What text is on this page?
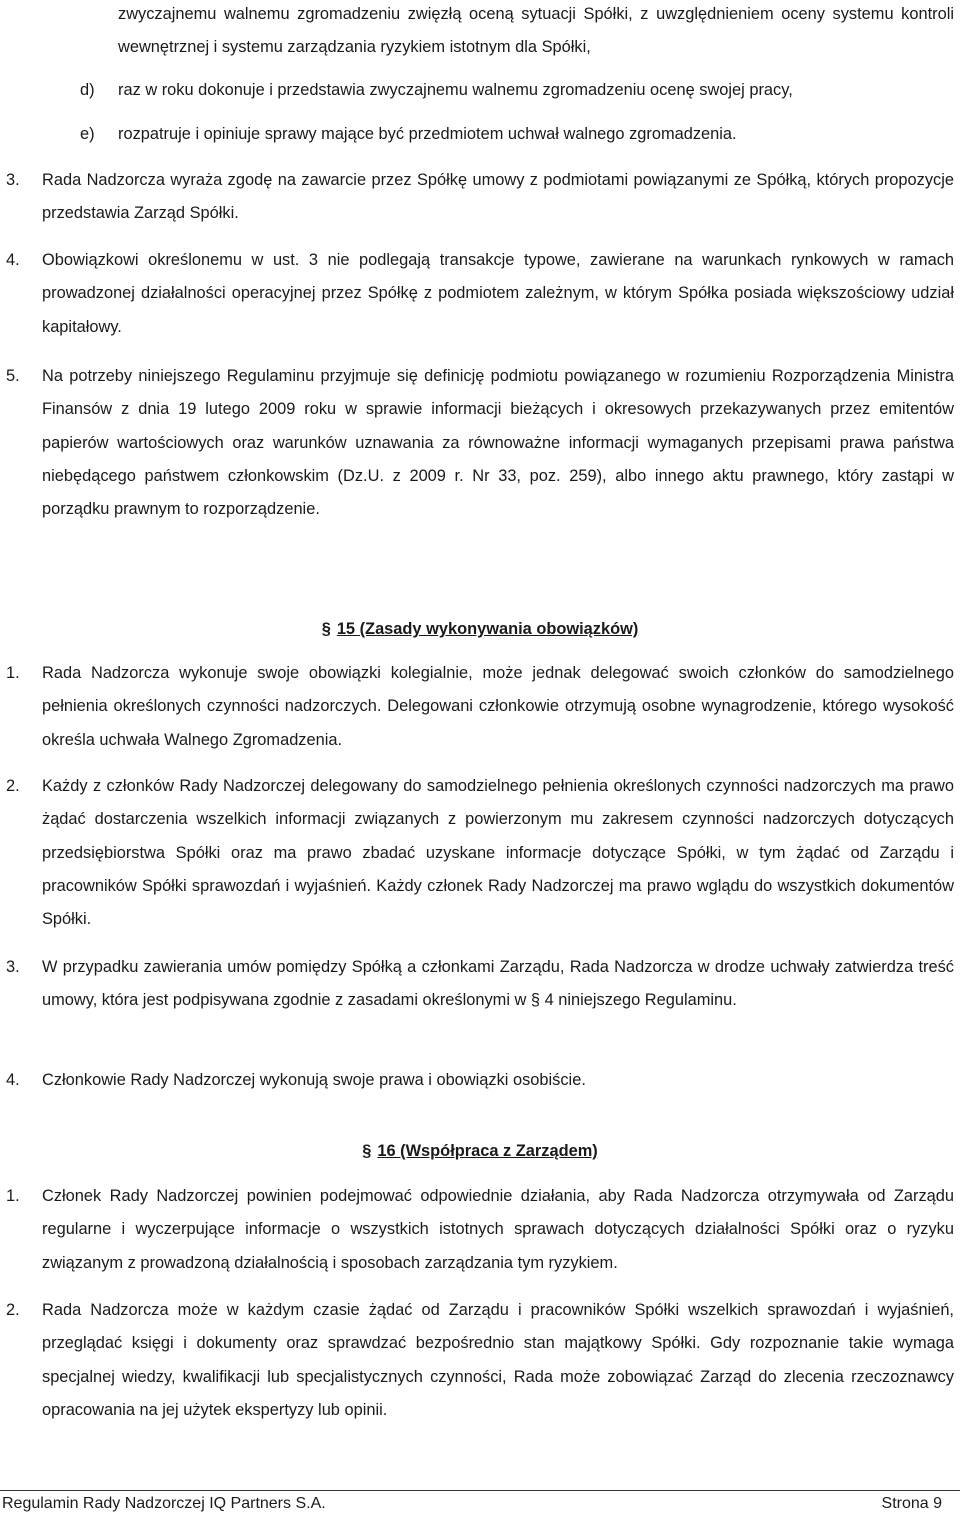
zwyczajnemu walnemu zgromadzeniu zwięzłą oceną sytuacji Spółki, z uwzględnieniem oceny systemu kontroli wewnętrznej i systemu zarządzania ryzykiem istotnym dla Spółki,
d)	raz w roku dokonuje i przedstawia zwyczajnemu walnemu zgromadzeniu ocenę swojej pracy,
e)	rozpatruje i opiniuje sprawy mające być przedmiotem uchwał walnego zgromadzenia.
3.	Rada Nadzorcza wyraża zgodę na zawarcie przez Spółkę umowy z podmiotami powiązanymi ze Spółką, których propozycje przedstawia Zarząd Spółki.
4.	Obowiązkowi określonemu w ust. 3 nie podlegają transakcje typowe, zawierane na warunkach rynkowych w ramach prowadzonej działalności operacyjnej przez Spółkę z podmiotem zależnym, w którym Spółka posiada większościowy udział kapitałowy.
5.	Na potrzeby niniejszego Regulaminu przyjmuje się definicję podmiotu powiązanego w rozumieniu Rozporządzenia Ministra Finansów z dnia 19 lutego 2009 roku w sprawie informacji bieżących i okresowych przekazywanych przez emitentów papierów wartościowych oraz warunków uznawania za równoważne informacji wymaganych przepisami prawa państwa niebędącego państwem członkowskim (Dz.U. z 2009 r. Nr 33, poz. 259), albo innego aktu prawnego, który zastąpi w porządku prawnym to rozporządzenie.
§ 15 (Zasady wykonywania obowiązków)
1.	Rada Nadzorcza wykonuje swoje obowiązki kolegialnie, może jednak delegować swoich członków do samodzielnego pełnienia określonych czynności nadzorczych. Delegowani członkowie otrzymują osobne wynagrodzenie, którego wysokość określa uchwała Walnego Zgromadzenia.
2.	Każdy z członków Rady Nadzorczej delegowany do samodzielnego pełnienia określonych czynności nadzorczych ma prawo żądać dostarczenia wszelkich informacji związanych z powierzonym mu zakresem czynności nadzorczych dotyczących przedsiębiorstwa Spółki oraz ma prawo zbadać uzyskane informacje dotyczące Spółki, w tym żądać od Zarządu i pracowników Spółki sprawozdań i wyjaśnień. Każdy członek Rady Nadzorczej ma prawo wglądu do wszystkich dokumentów Spółki.
3.	W przypadku zawierania umów pomiędzy Spółką a członkami Zarządu, Rada Nadzorcza w drodze uchwały zatwierdza treść umowy, która jest podpisywana zgodnie z zasadami określonymi w § 4 niniejszego Regulaminu.
4.	Członkowie Rady Nadzorczej wykonują swoje prawa i obowiązki osobiście.
§ 16 (Współpraca z Zarządem)
1.	Członek Rady Nadzorczej powinien podejmować odpowiednie działania, aby Rada Nadzorcza otrzymywała od Zarządu regularne i wyczerpujące informacje o wszystkich istotnych sprawach dotyczących działalności Spółki oraz o ryzyku związanym z prowadzoną działalnością i sposobach zarządzania tym ryzykiem.
2.	Rada Nadzorcza może w każdym czasie żądać od Zarządu i pracowników Spółki wszelkich sprawozdań i wyjaśnień, przeglądać księgi i dokumenty oraz sprawdzać bezpośrednio stan majątkowy Spółki. Gdy rozpoznanie takie wymaga specjalnej wiedzy, kwalifikacji lub specjalistycznych czynności, Rada może zobowiązać Zarząd do zlecenia rzeczoznawcy opracowania na jej użytek ekspertyzy lub opinii.
Regulamin Rady Nadzorczej IQ Partners S.A.	Strona 9
